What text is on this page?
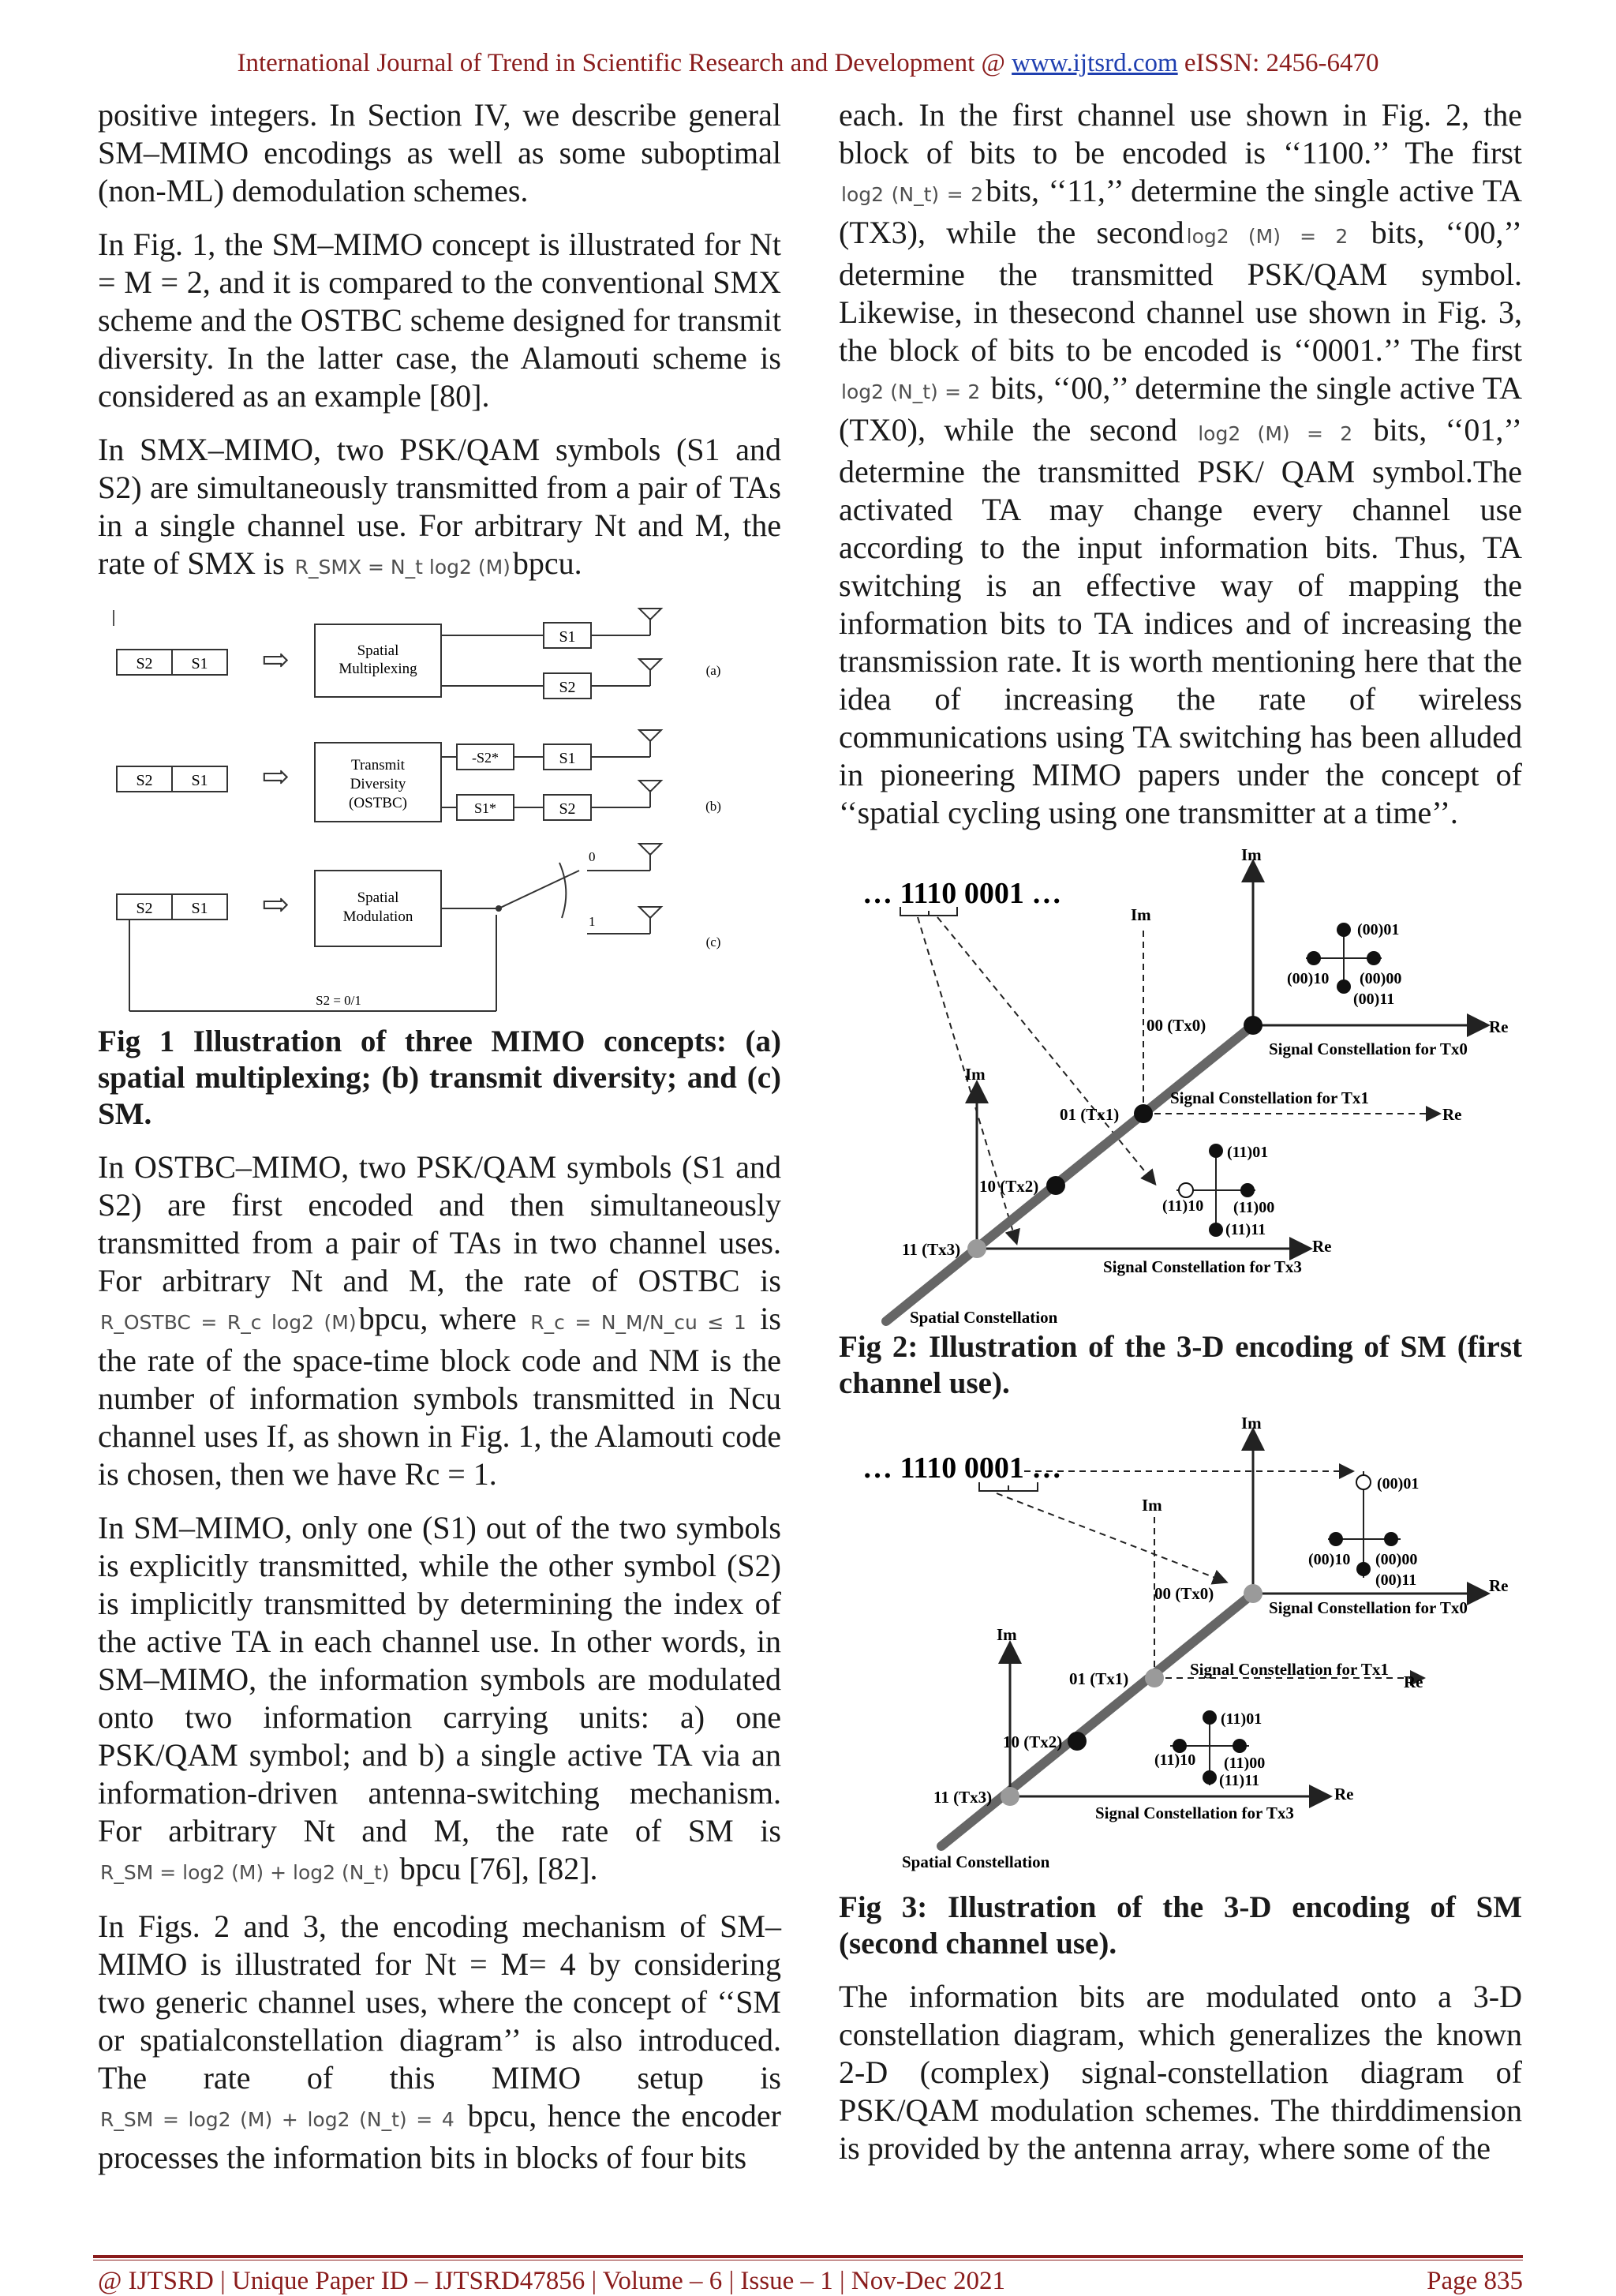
International Journal of Trend in Scientific Research and Development @ www.ijtsrd.com eISSN: 2456-6470

positive integers. In Section IV, we describe general SM–MIMO encodings as well as some suboptimal (non-ML) demodulation schemes.

In Fig. 1, the SM–MIMO concept is illustrated for Nt = M = 2, and it is compared to the conventional SMX scheme and the OSTBC scheme designed for transmit diversity. In the latter case, the Alamouti scheme is considered as an example [80].

In SMX–MIMO, two PSK/QAM symbols (S1 and S2) are simultaneously transmitted from a pair of TAs in a single channel use. For arbitrary Nt and M, the rate of SMX is R_SMX = N_t log2 (M)bpcu.

S2 S1 ⇨	Spatial
Multiplexing
S1
S2
(a)
S2 S1 ⇨	Transmit
Diversity
(OSTBC)
-S2*	S1
S1*	S2	(b)
S2 S1 ⇨	Spatial
Modulation
0
1
(c)
S2 = 0/1

Fig 1 Illustration of three MIMO concepts: (a) spatial multiplexing; (b) transmit diversity; and (c) SM.

In OSTBC–MIMO, two PSK/QAM symbols (S1 and S2) are first encoded and then simultaneously transmitted from a pair of TAs in two channel uses. For arbitrary Nt and M, the rate of OSTBC is R_OSTBC = R_c log2 (M)bpcu, where R_c = N_M/N_cu ≤ 1 is the rate of the space-time block code and NM is the number of information symbols transmitted in Ncu channel uses If, as shown in Fig. 1, the Alamouti code is chosen, then we have Rc = 1.

In SM–MIMO, only one (S1) out of the two symbols is explicitly transmitted, while the other symbol (S2) is implicitly transmitted by determining the index of the active TA in each channel use. In other words, in SM–MIMO, the information symbols are modulated onto two information carrying units: a) one PSK/QAM symbol; and b) a single active TA via an information-driven antenna-switching mechanism. For arbitrary Nt and M, the rate of SM is R_SM = log2 (M) + log2 (N_t) bpcu [76], [82].

In Figs. 2 and 3, the encoding mechanism of SM–MIMO is illustrated for Nt = M= 4 by considering two generic channel uses, where the concept of ‘‘SM or spatialconstellation diagram’’ is also introduced. The rate of this MIMO setup is R_SM = log2 (M) + log2 (N_t) = 4 bpcu, hence the encoder processes the information bits in blocks of four bits

each. In the first channel use shown in Fig. 2, the block of bits to be encoded is ‘‘1100.’’ The first log2 (N_t) = 2bits, ‘‘11,’’ determine the single active TA (TX3), while the second log2 (M) = 2 bits, ‘‘00,’’ determine the transmitted PSK/QAM symbol. Likewise, in thesecond channel use shown in Fig. 3, the block of bits to be encoded is ‘‘0001.’’ The first log2 (N_t) = 2 bits, ‘‘00,’’ determine the single active TA (TX0), while the second log2 (M) = 2 bits, ‘‘01,’’ determine the transmitted PSK/ QAM symbol.The activated TA may change every channel use according to the input information bits. Thus, TA switching is an effective way of mapping the information bits to TA indices and of increasing the transmission rate. It is worth mentioning here that the idea of increasing the rate of wireless communications using TA switching has been alluded in pioneering MIMO papers under the concept of ‘‘spatial cycling using one transmitter at a time’’.

… 1110 0001 …
Im
Re
00 (Tx0)
Signal Constellation for Tx0
(00)01
(00)10 (00)00
(00)11
Im
Re
01 (Tx1)
Signal Constellation for Tx1
10 (Tx2)
Im
Re
11 (Tx3)
Signal Constellation for Tx3
(11)01
(11)10 (11)00
(11)11
Spatial Constellation

Fig 2: Illustration of the 3-D encoding of SM (first channel use).

… 1110 0001 …
Im
Re
00 (Tx0)
Signal Constellation for Tx0
(00)01
(00)10 (00)00
(00)11
Im
Re
01 (Tx1)	Signal Constellation for Tx1
10 (Tx2)
Im
Re
11 (Tx3)
Signal Constellation for Tx3
(11)01
(11)10 (11)00
(11)11
Spatial Constellation

Fig 3: Illustration of the 3-D encoding of SM (second channel use).

The information bits are modulated onto a 3-D constellation diagram, which generalizes the known 2-D (complex) signal-constellation diagram of PSK/QAM modulation schemes. The thirddimension is provided by the antenna array, where some of the

@ IJTSRD | Unique Paper ID – IJTSRD47856 | Volume – 6 | Issue – 1 | Nov-Dec 2021	Page 835
